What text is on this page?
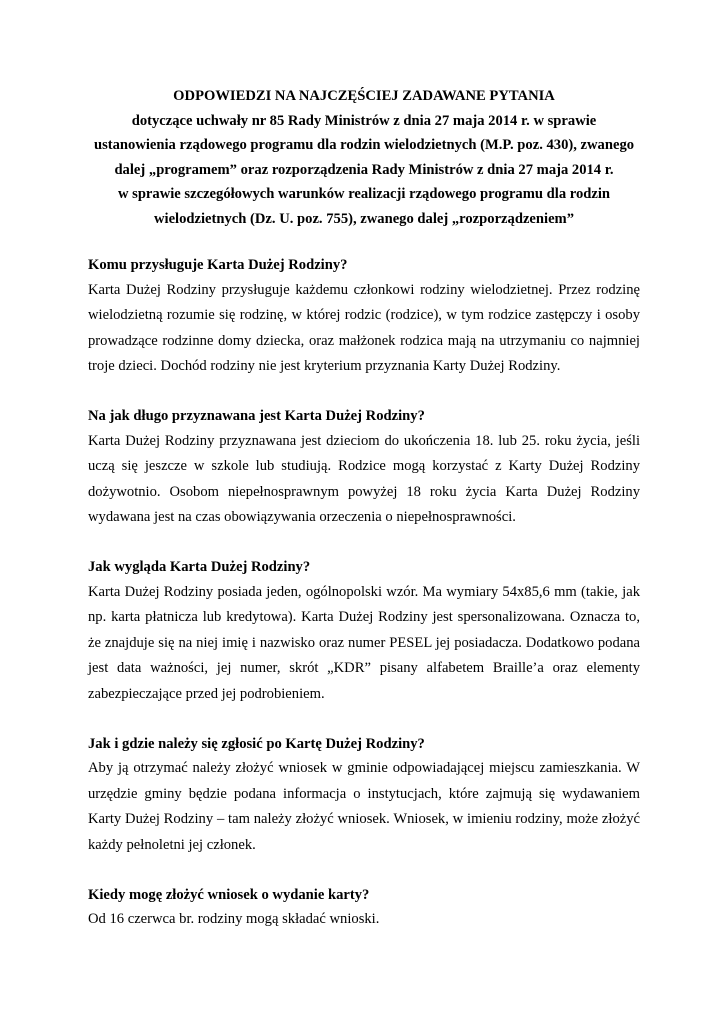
ODPOWIEDZI NA NAJCZĘŚCIEJ ZADAWANE PYTANIA
dotyczące uchwały nr 85 Rady Ministrów z dnia 27 maja 2014 r. w sprawie
ustanowienia rządowego programu dla rodzin wielodzietnych (M.P. poz. 430), zwanego
dalej „programem” oraz rozporządzenia Rady Ministrów z dnia 27 maja 2014 r.
w sprawie szczegółowych warunków realizacji rządowego programu dla rodzin
wielodzietnych (Dz. U. poz. 755), zwanego dalej „rozporządzeniem”

Komu przysługuje Karta Dużej Rodziny?

Karta Dużej Rodziny przysługuje każdemu członkowi rodziny wielodzietnej. Przez rodzinę wielodzietną rozumie się rodzinę, w której rodzic (rodzice), w tym rodzice zastępczy i osoby prowadzące rodzinne domy dziecka, oraz małżonek rodzica mają na utrzymaniu co najmniej troje dzieci. Dochód rodziny nie jest kryterium przyznania Karty Dużej Rodziny.

Na jak długo przyznawana jest Karta Dużej Rodziny?

Karta Dużej Rodziny przyznawana jest dzieciom do ukończenia 18. lub 25. roku życia, jeśli uczą się jeszcze w szkole lub studiują. Rodzice mogą korzystać z Karty Dużej Rodziny dożywotnio. Osobom niepełnosprawnym powyżej 18 roku życia Karta Dużej Rodziny wydawana jest na czas obowiązywania orzeczenia o niepełnosprawności.

Jak wygląda Karta Dużej Rodziny?

Karta Dużej Rodziny posiada jeden, ogólnopolski wzór. Ma wymiary 54x85,6 mm (takie, jak np. karta płatnicza lub kredytowa). Karta Dużej Rodziny jest spersonalizowana. Oznacza to, że znajduje się na niej imię i nazwisko oraz numer PESEL jej posiadacza. Dodatkowo podana jest data ważności, jej numer, skrót „KDR” pisany alfabetem Braille’a oraz elementy zabezpieczające przed jej podrobieniem.

Jak i gdzie należy się zgłosić po Kartę Dużej Rodziny?

Aby ją otrzymać należy złożyć wniosek w gminie odpowiadającej miejscu zamieszkania. W urzędzie gminy będzie podana informacja o instytucjach, które zajmują się wydawaniem Karty Dużej Rodziny – tam należy złożyć wniosek. Wniosek, w imieniu rodziny, może złożyć każdy pełnoletni jej członek.

Kiedy mogę złożyć wniosek o wydanie karty?

Od 16 czerwca br. rodziny mogą składać wnioski.
